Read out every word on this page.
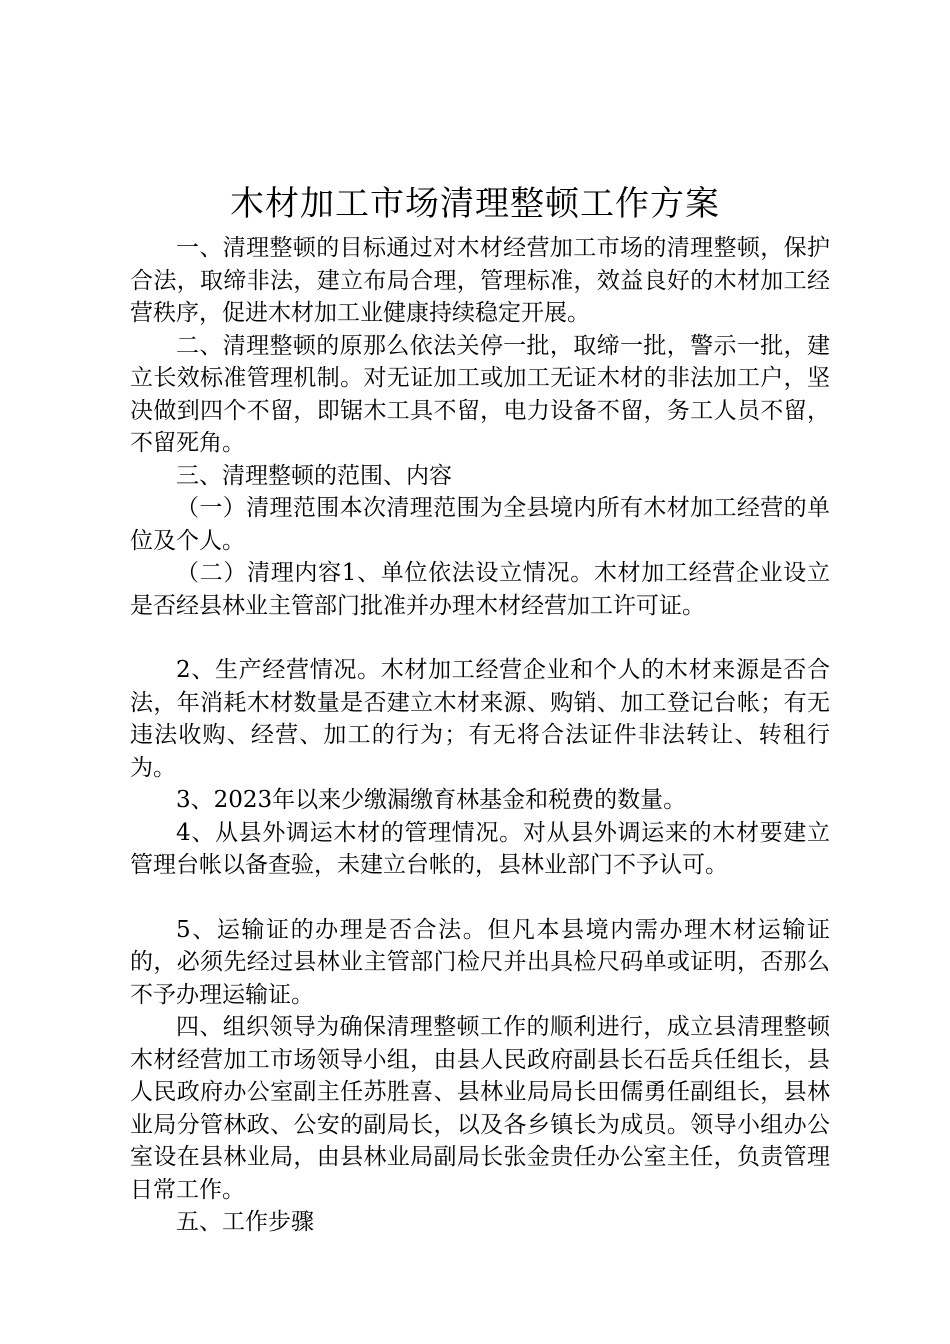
木材加工市场清理整顿工作方案

一、清理整顿的目标通过对木材经营加工市场的清理整顿，保护合法，取缔非法，建立布局合理，管理标准，效益良好的木材加工经营秩序，促进木材加工业健康持续稳定开展。

二、清理整顿的原那么依法关停一批，取缔一批，警示一批，建立长效标准管理机制。对无证加工或加工无证木材的非法加工户，坚决做到四个不留，即锯木工具不留，电力设备不留，务工人员不留，不留死角。

三、清理整顿的范围、内容

（一）清理范围本次清理范围为全县境内所有木材加工经营的单位及个人。

（二）清理内容1、单位依法设立情况。木材加工经营企业设立是否经县林业主管部门批准并办理木材经营加工许可证。

2、生产经营情况。木材加工经营企业和个人的木材来源是否合法，年消耗木材数量是否建立木材来源、购销、加工登记台帐；有无违法收购、经营、加工的行为；有无将合法证件非法转让、转租行为。

3、2023年以来少缴漏缴育林基金和税费的数量。

4、从县外调运木材的管理情况。对从县外调运来的木材要建立管理台帐以备查验，未建立台帐的，县林业部门不予认可。

5、运输证的办理是否合法。但凡本县境内需办理木材运输证的，必须先经过县林业主管部门检尺并出具检尺码单或证明，否那么不予办理运输证。

四、组织领导为确保清理整顿工作的顺利进行，成立县清理整顿木材经营加工市场领导小组，由县人民政府副县长石岳兵任组长，县人民政府办公室副主任苏胜喜、县林业局局长田儒勇任副组长，县林业局分管林政、公安的副局长，以及各乡镇长为成员。领导小组办公室设在县林业局，由县林业局副局长张金贵任办公室主任，负责管理日常工作。

五、工作步骤
